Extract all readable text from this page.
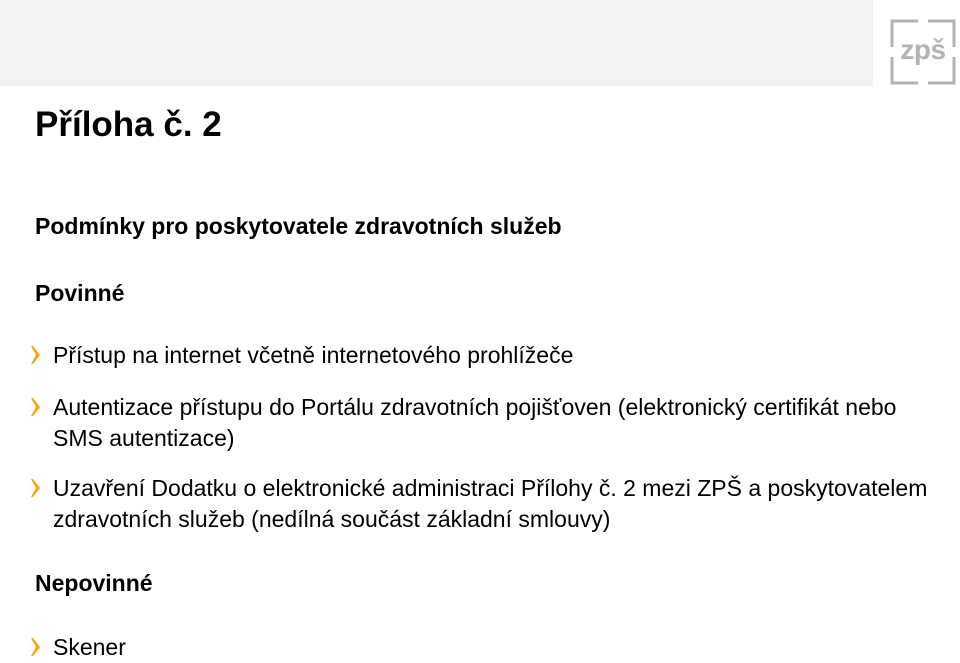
zpš
Příloha č. 2
Podmínky pro poskytovatele zdravotních služeb
Povinné

Přístup na internet včetně internetového prohlížeče

Autentizace přístupu do Portálu zdravotních pojišťoven (elektronický certifikát nebo SMS autentizace)

Uzavření Dodatku o elektronické administraci Přílohy č. 2 mezi ZPŠ a poskytovatelem zdravotních služeb (nedílná součást základní smlouvy)

Nepovinné

Skener
